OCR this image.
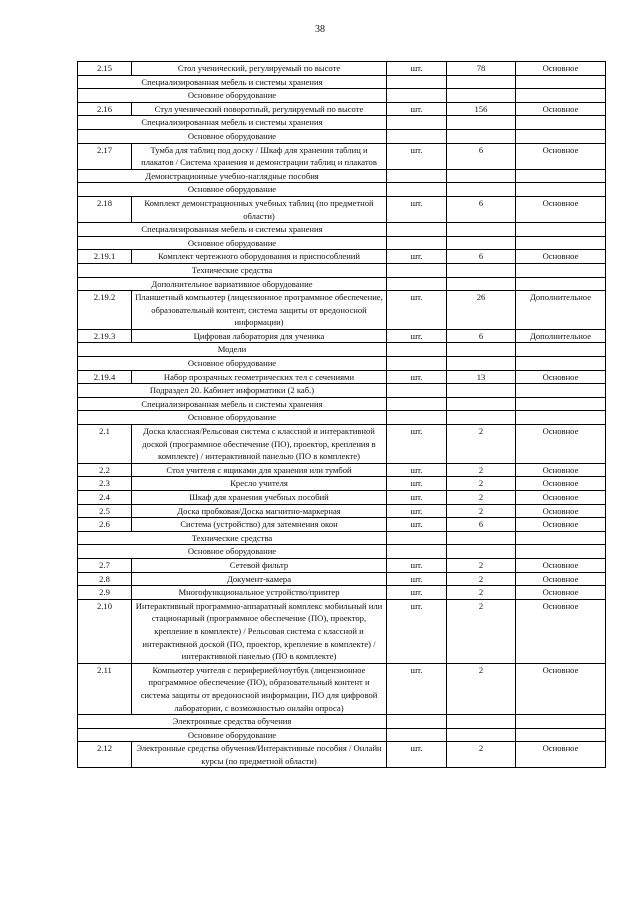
38
2.15	Стол ученический, регулируемый по высоте	шт.	78	Основное
Специализированная мебель и системы хранения				
Основное оборудование				
2.16	Стул ученический поворотный, регулируемый по высоте	шт.	156	Основное
Специализированная мебель и системы хранения				
Основное оборудование				
2.17	Тумба для таблиц под доску / Шкаф для хранения таблиц и плакатов / Система хранения и демонстрации таблиц и плакатов	шт.	6	Основное
Демонстрационные учебно-наглядные пособия				
Основное оборудование				
2.18	Комплект демонстрационных учебных таблиц (по предметной области)	шт.	6	Основное
Специализированная мебель и системы хранения				
Основное оборудование				
2.19.1	Комплект чертежного оборудования и приспособлений	шт.	6	Основное
Технические средства				
Дополнительное вариативное оборудование				
2.19.2	Планшетный компьютер (лицензионное программное обеспечение, образовательный контент, система защиты от вредоносной информации)	шт.	26	Дополнительное
2.19.3	Цифровая лаборатория для ученика	шт.	6	Дополнительное
Модели				
Основное оборудование				
2.19.4	Набор прозрачных геометрических тел с сечениями	шт.	13	Основное
Подраздел 20. Кабинет информатики (2 каб.)				
Специализированная мебель и системы хранения				
Основное оборудование				
2.1	Доска классная/Рельсовая система с классной и интерактивной доской (программное обеспечение (ПО), проектор, крепления в комплекте) / интерактивной панелью (ПО в комплекте)	шт.	2	Основное
2.2	Стол учителя с ящиками для хранения или тумбой	шт.	2	Основное
2.3	Кресло учителя	шт.	2	Основное
2.4	Шкаф для хранения учебных пособий	шт.	2	Основное
2.5	Доска пробковая/Доска магнитно-маркерная	шт.	2	Основное
2.6	Система (устройство) для затемнения окон	шт.	6	Основное
Технические средства				
Основное оборудование				
2.7	Сетевой фильтр	шт.	2	Основное
2.8	Документ-камера	шт.	2	Основное
2.9	Многофункциональное устройство/принтер	шт.	2	Основное
2.10	Интерактивный программно-аппаратный комплекс мобильный или стационарный (программное обеспечение (ПО), проектор, крепление в комплекте) / Рельсовая система с классной и интерактивной доской (ПО, проектор, крепление в комплекте) / интерактивной панелью (ПО в комплекте)	шт.	2	Основное
2.11	Компьютер учителя с периферией/ноутбук (лицензионное программное обеспечение (ПО), образовательный контент и система защиты от вредоносной информации, ПО для цифровой лаборатории, с возможностью онлайн опроса)	шт.	2	Основное
Электронные средства обучения				
Основное оборудование				
2.12	Электронные средства обучения/Интерактивные пособия / Онлайн курсы (по предметной области)	шт.	2	Основное
